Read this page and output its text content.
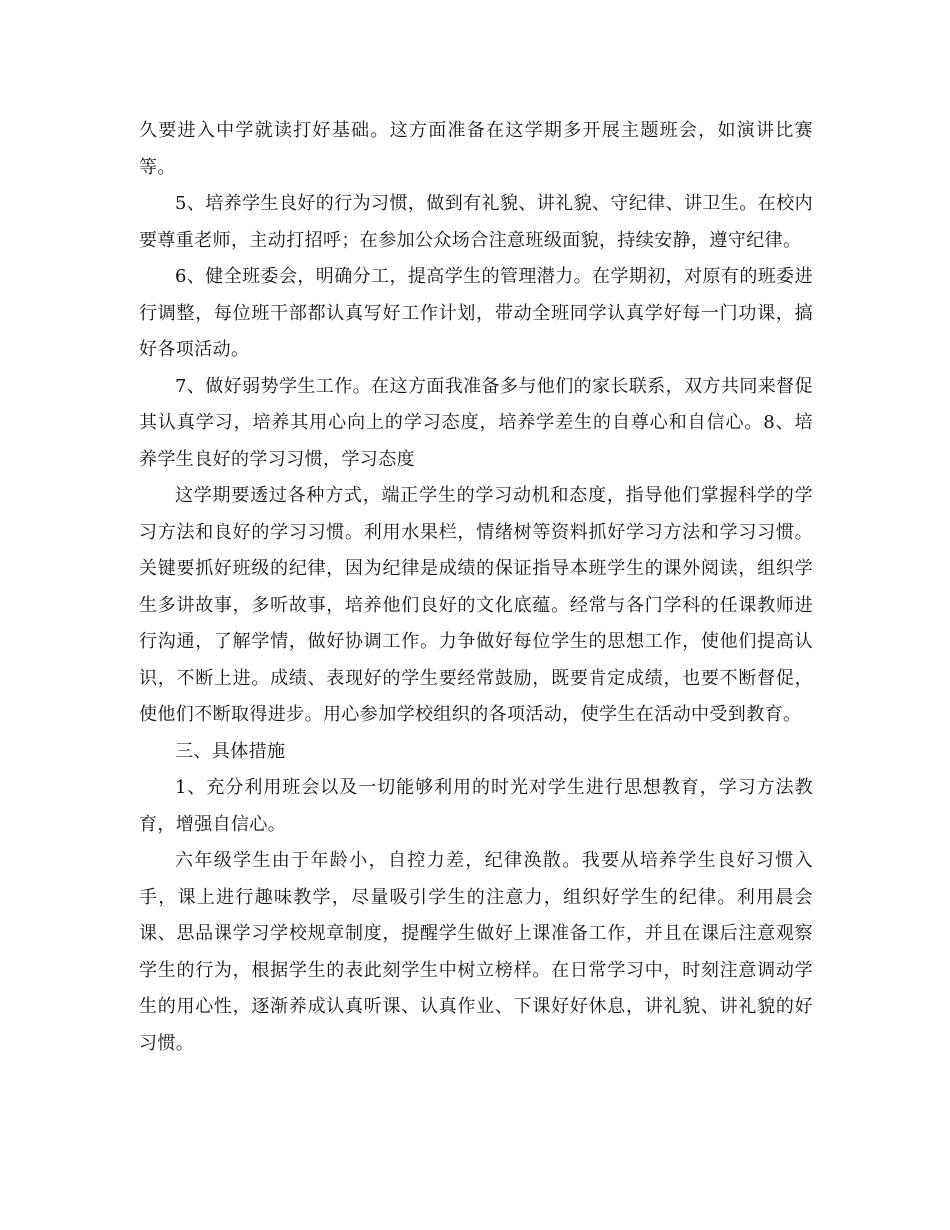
久要进入中学就读打好基础。这方面准备在这学期多开展主题班会，如演讲比赛等。

5、培养学生良好的行为习惯，做到有礼貌、讲礼貌、守纪律、讲卫生。在校内要尊重老师，主动打招呼；在参加公众场合注意班级面貌，持续安静，遵守纪律。

6、健全班委会，明确分工，提高学生的管理潜力。在学期初，对原有的班委进行调整，每位班干部都认真写好工作计划，带动全班同学认真学好每一门功课，搞好各项活动。

7、做好弱势学生工作。在这方面我准备多与他们的家长联系，双方共同来督促其认真学习，培养其用心向上的学习态度，培养学差生的自尊心和自信心。8、培养学生良好的学习习惯，学习态度

这学期要透过各种方式，端正学生的学习动机和态度，指导他们掌握科学的学习方法和良好的学习习惯。利用水果栏，情绪树等资料抓好学习方法和学习习惯。关键要抓好班级的纪律，因为纪律是成绩的保证指导本班学生的课外阅读，组织学生多讲故事，多听故事，培养他们良好的文化底蕴。经常与各门学科的任课教师进行沟通，了解学情，做好协调工作。力争做好每位学生的思想工作，使他们提高认识，不断上进。成绩、表现好的学生要经常鼓励，既要肯定成绩，也要不断督促，使他们不断取得进步。用心参加学校组织的各项活动，使学生在活动中受到教育。

三、具体措施

1、充分利用班会以及一切能够利用的时光对学生进行思想教育，学习方法教育，增强自信心。

六年级学生由于年龄小，自控力差，纪律涣散。我要从培养学生良好习惯入手，课上进行趣味教学，尽量吸引学生的注意力，组织好学生的纪律。利用晨会课、思品课学习学校规章制度，提醒学生做好上课准备工作，并且在课后注意观察学生的行为，根据学生的表此刻学生中树立榜样。在日常学习中，时刻注意调动学生的用心性，逐渐养成认真听课、认真作业、下课好好休息，讲礼貌、讲礼貌的好习惯。
